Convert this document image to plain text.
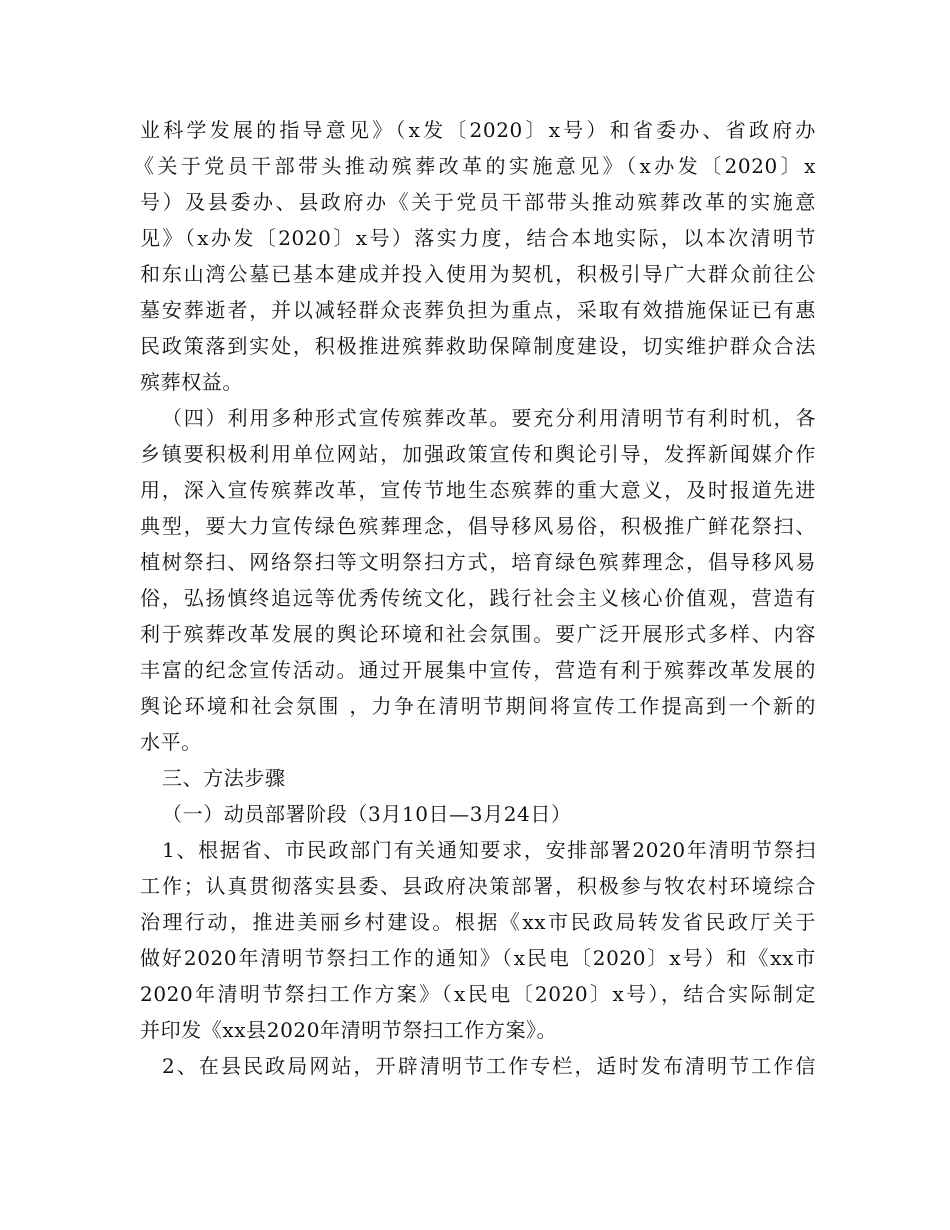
业科学发展的指导意见》（x发〔2020〕x号）和省委办、省政府办
《关于党员干部带头推动殡葬改革的实施意见》（x办发〔2020〕x
号）及县委办、县政府办《关于党员干部带头推动殡葬改革的实施意
见》（x办发〔2020〕x号）落实力度，结合本地实际，以本次清明节
和东山湾公墓已基本建成并投入使用为契机，积极引导广大群众前往公
墓安葬逝者，并以减轻群众丧葬负担为重点，采取有效措施保证已有惠
民政策落到实处，积极推进殡葬救助保障制度建设，切实维护群众合法
殡葬权益。
（四）利用多种形式宣传殡葬改革。要充分利用清明节有利时机，各
乡镇要积极利用单位网站，加强政策宣传和舆论引导，发挥新闻媒介作
用，深入宣传殡葬改革，宣传节地生态殡葬的重大意义，及时报道先进
典型，要大力宣传绿色殡葬理念，倡导移风易俗，积极推广鲜花祭扫、
植树祭扫、网络祭扫等文明祭扫方式，培育绿色殡葬理念，倡导移风易
俗，弘扬慎终追远等优秀传统文化，践行社会主义核心价值观，营造有
利于殡葬改革发展的舆论环境和社会氛围。要广泛开展形式多样、内容
丰富的纪念宣传活动。通过开展集中宣传，营造有利于殡葬改革发展的
舆论环境和社会氛围 ，力争在清明节期间将宣传工作提高到一个新的
水平。
三、方法步骤
（一）动员部署阶段（3月10日—3月24日）
1、根据省、市民政部门有关通知要求，安排部署2020年清明节祭扫
工作；认真贯彻落实县委、县政府决策部署，积极参与牧农村环境综合
治理行动，推进美丽乡村建设。根据《xx市民政局转发省民政厅关于
做好2020年清明节祭扫工作的通知》（x民电〔2020〕x号）和《xx市
2020年清明节祭扫工作方案》（x民电〔2020〕x号），结合实际制定
并印发《xx县2020年清明节祭扫工作方案》。
2、在县民政局网站，开辟清明节工作专栏，适时发布清明节工作信
